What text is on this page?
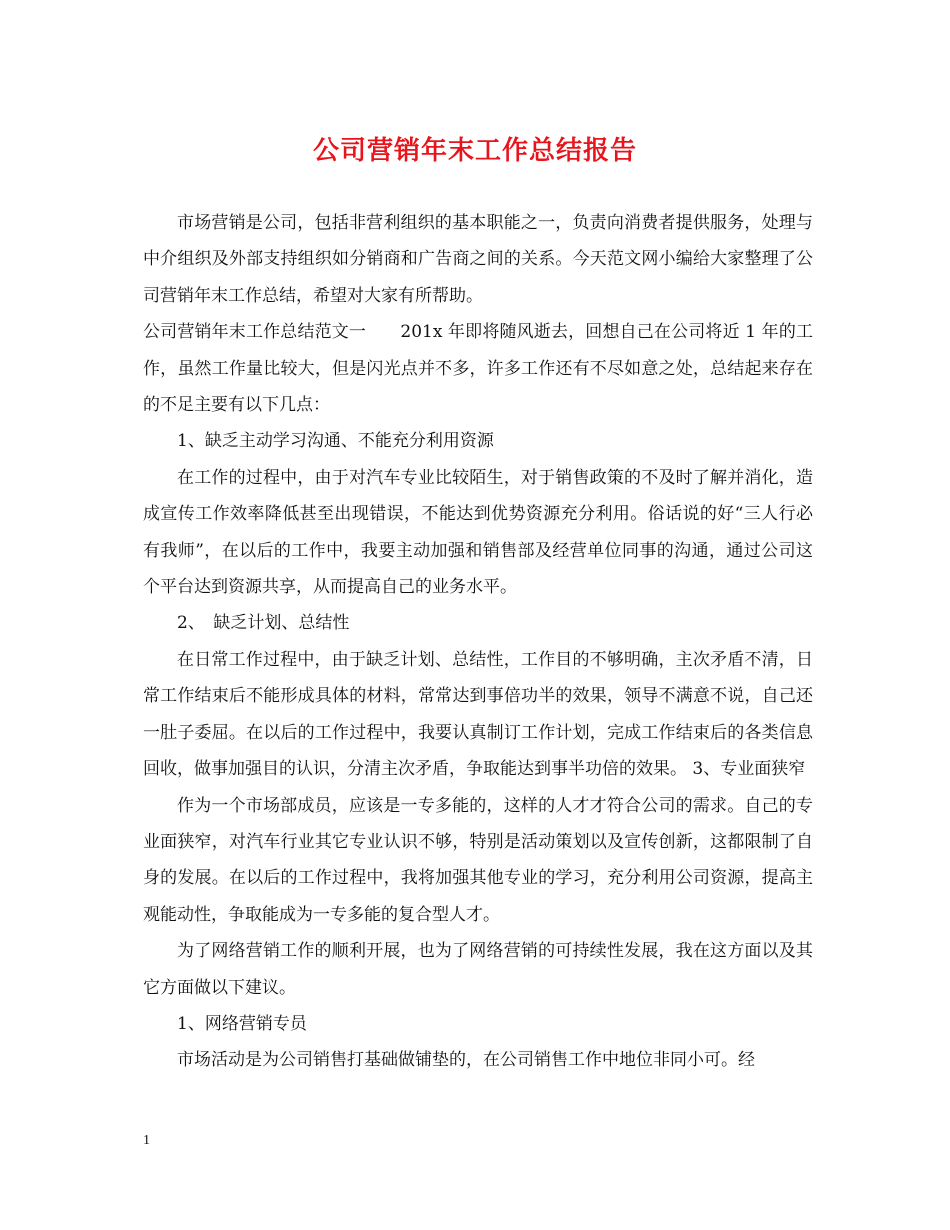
公司营销年末工作总结报告

市场营销是公司，包括非营利组织的基本职能之一，负责向消费者提供服务，处理与中介组织及外部支持组织如分销商和广告商之间的关系。今天范文网小编给大家整理了公司营销年末工作总结，希望对大家有所帮助。

公司营销年末工作总结范文一　　201x 年即将随风逝去，回想自己在公司将近 1 年的工作，虽然工作量比较大，但是闪光点并不多，许多工作还有不尽如意之处，总结起来存在的不足主要有以下几点：

1、缺乏主动学习沟通、不能充分利用资源

在工作的过程中，由于对汽车专业比较陌生，对于销售政策的不及时了解并消化，造成宣传工作效率降低甚至出现错误，不能达到优势资源充分利用。俗话说的好“三人行必有我师”，在以后的工作中，我要主动加强和销售部及经营单位同事的沟通，通过公司这个平台达到资源共享，从而提高自己的业务水平。

2、　缺乏计划、总结性

在日常工作过程中，由于缺乏计划、总结性，工作目的不够明确，主次矛盾不清，日常工作结束后不能形成具体的材料，常常达到事倍功半的效果，领导不满意不说，自己还一肚子委屈。在以后的工作过程中，我要认真制订工作计划，完成工作结束后的各类信息回收，做事加强目的认识，分清主次矛盾，争取能达到事半功倍的效果。 3、专业面狭窄

作为一个市场部成员，应该是一专多能的，这样的人才才符合公司的需求。自己的专业面狭窄，对汽车行业其它专业认识不够，特别是活动策划以及宣传创新，这都限制了自身的发展。在以后的工作过程中，我将加强其他专业的学习，充分利用公司资源，提高主观能动性，争取能成为一专多能的复合型人才。

为了网络营销工作的顺利开展，也为了网络营销的可持续性发展，我在这方面以及其它方面做以下建议。

1、网络营销专员

市场活动是为公司销售打基础做铺垫的，在公司销售工作中地位非同小可。经

1
